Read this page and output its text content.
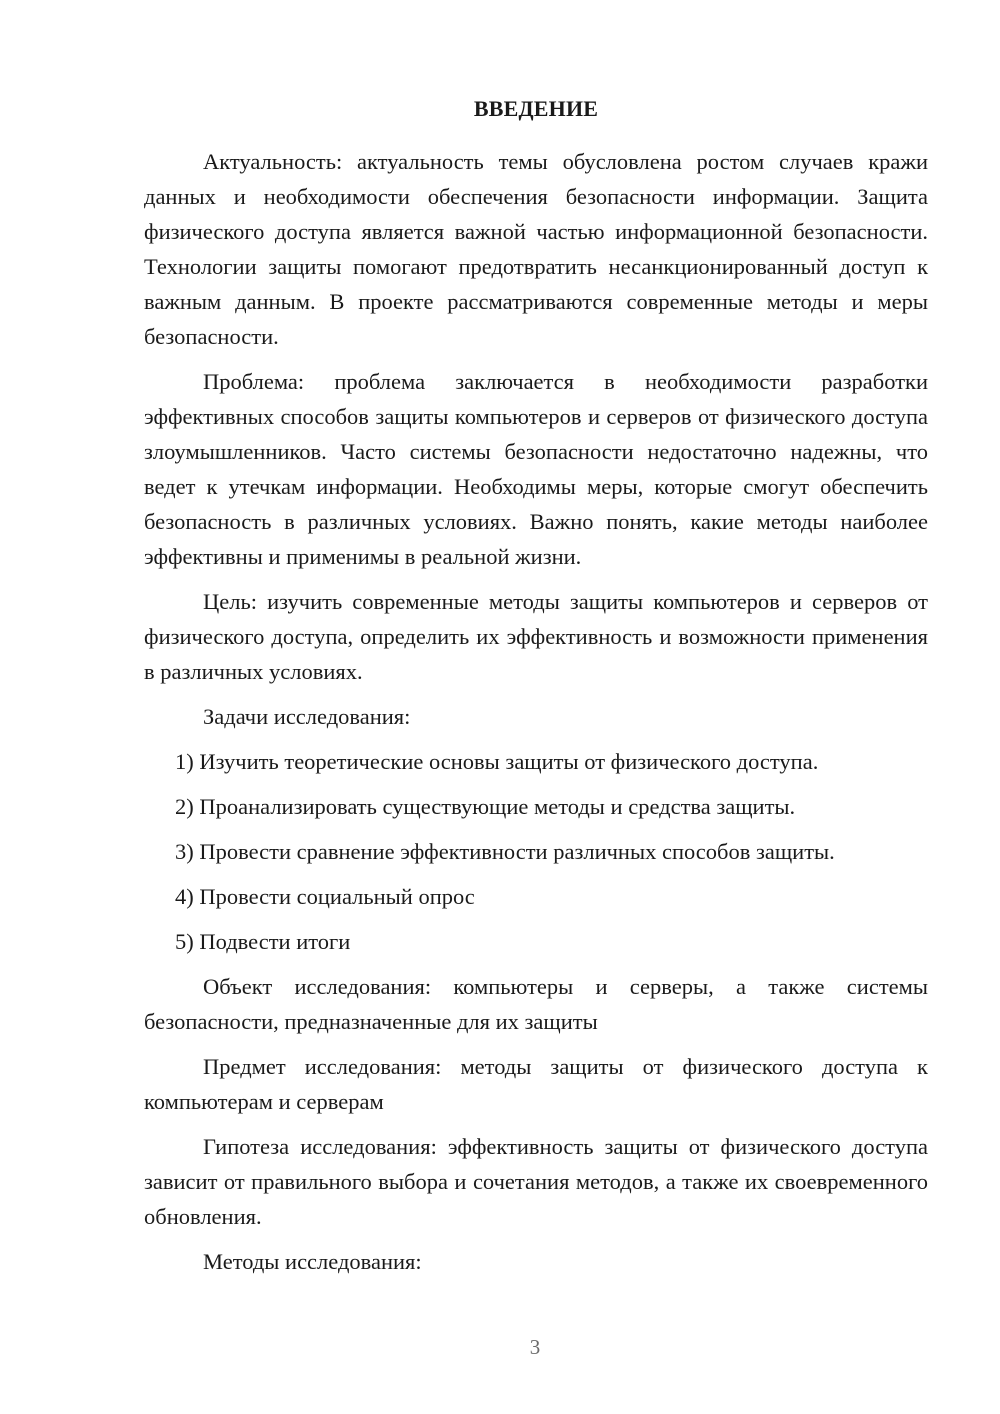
ВВЕДЕНИЕ

Актуальность: актуальность темы обусловлена ростом случаев кражи данных и необходимости обеспечения безопасности информации. Защита физического доступа является важной частью информационной безопасности. Технологии защиты помогают предотвратить несанкционированный доступ к важным данным. В проекте рассматриваются современные методы и меры безопасности.

Проблема: проблема заключается в необходимости разработки эффективных способов защиты компьютеров и серверов от физического доступа злоумышленников. Часто системы безопасности недостаточно надежны, что ведет к утечкам информации. Необходимы меры, которые смогут обеспечить безопасность в различных условиях. Важно понять, какие методы наиболее эффективны и применимы в реальной жизни.

Цель: изучить современные методы защиты компьютеров и серверов от физического доступа, определить их эффективность и возможности применения в различных условиях.

Задачи исследования:

1) Изучить теоретические основы защиты от физического доступа.

2) Проанализировать существующие методы и средства защиты.

3) Провести сравнение эффективности различных способов защиты.

4) Провести социальный опрос

5) Подвести итоги

Объект исследования: компьютеры и серверы, а также системы безопасности, предназначенные для их защиты

Предмет исследования: методы защиты от физического доступа к компьютерам и серверам

Гипотеза исследования: эффективность защиты от физического доступа зависит от правильного выбора и сочетания методов, а также их своевременного обновления.

Методы исследования:

3
